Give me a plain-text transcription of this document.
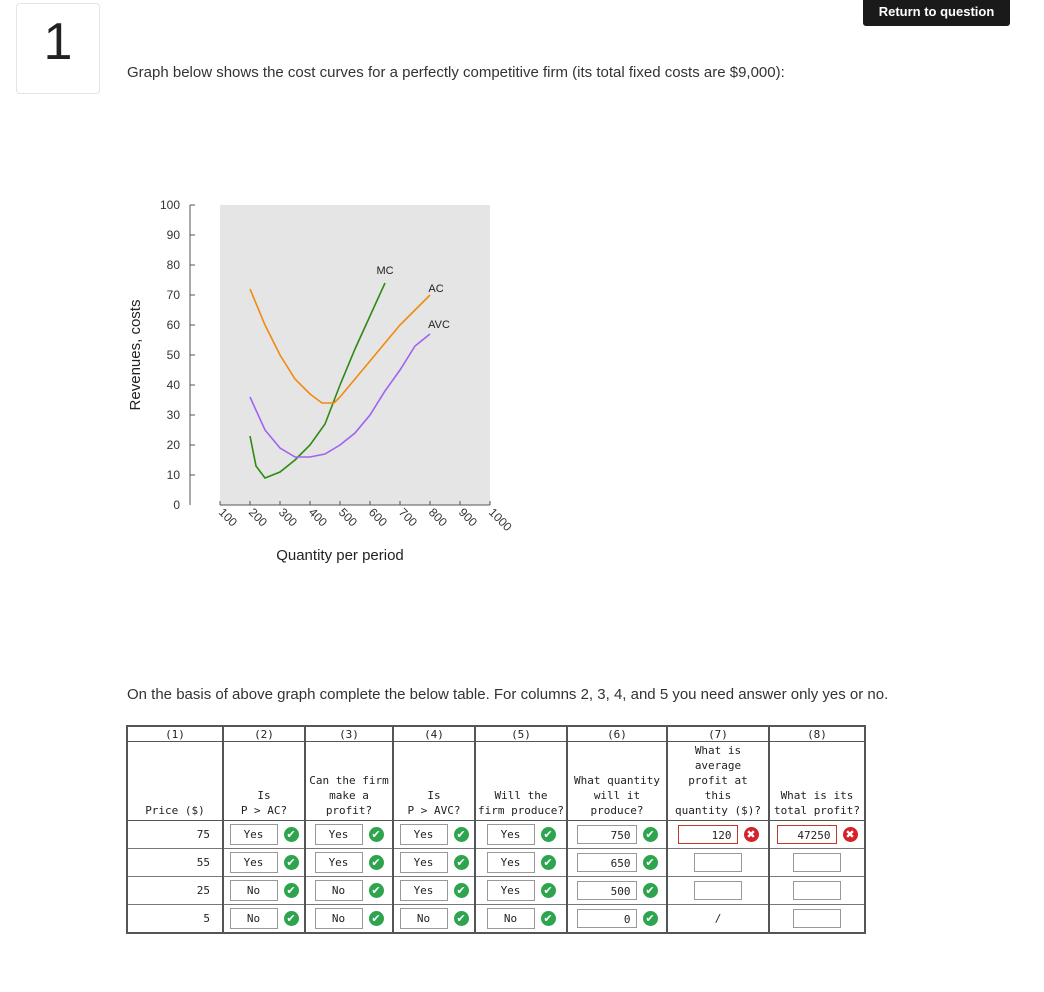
1
Return to question
Graph below shows the cost curves for a perfectly competitive firm (its total fixed costs are $9,000):
0
10
20
30
40
50
60
70
80
90
100
100 200 300 400 500 600 700 800 900 1000
Quantity per period
Revenues, costs
MC
AC
AVC
On the basis of above graph complete the below table. For columns 2, 3, 4, and 5 you need answer only yes or no.
(1)	(2)	(3)	(4)	(5)	(6)	(7)	(8)
Price ($)	Is
P > AC?	Can the firm
make a
profit?	Is
P > AVC?	Will the
firm produce?	What quantity
will it
produce?	What is
average
profit at
this
quantity ($)?	What is its
total profit?
75	Yes ✔	Yes ✔	Yes ✔	Yes ✔	750 ✔	120 ✖	47250 ✖

55	Yes ✔	Yes ✔	Yes ✔	Yes ✔	650 ✔		

25	No ✔	No ✔	Yes ✔	Yes ✔	500 ✔		

5	No ✔	No ✔	No ✔	No ✔	0 ✔	/	
